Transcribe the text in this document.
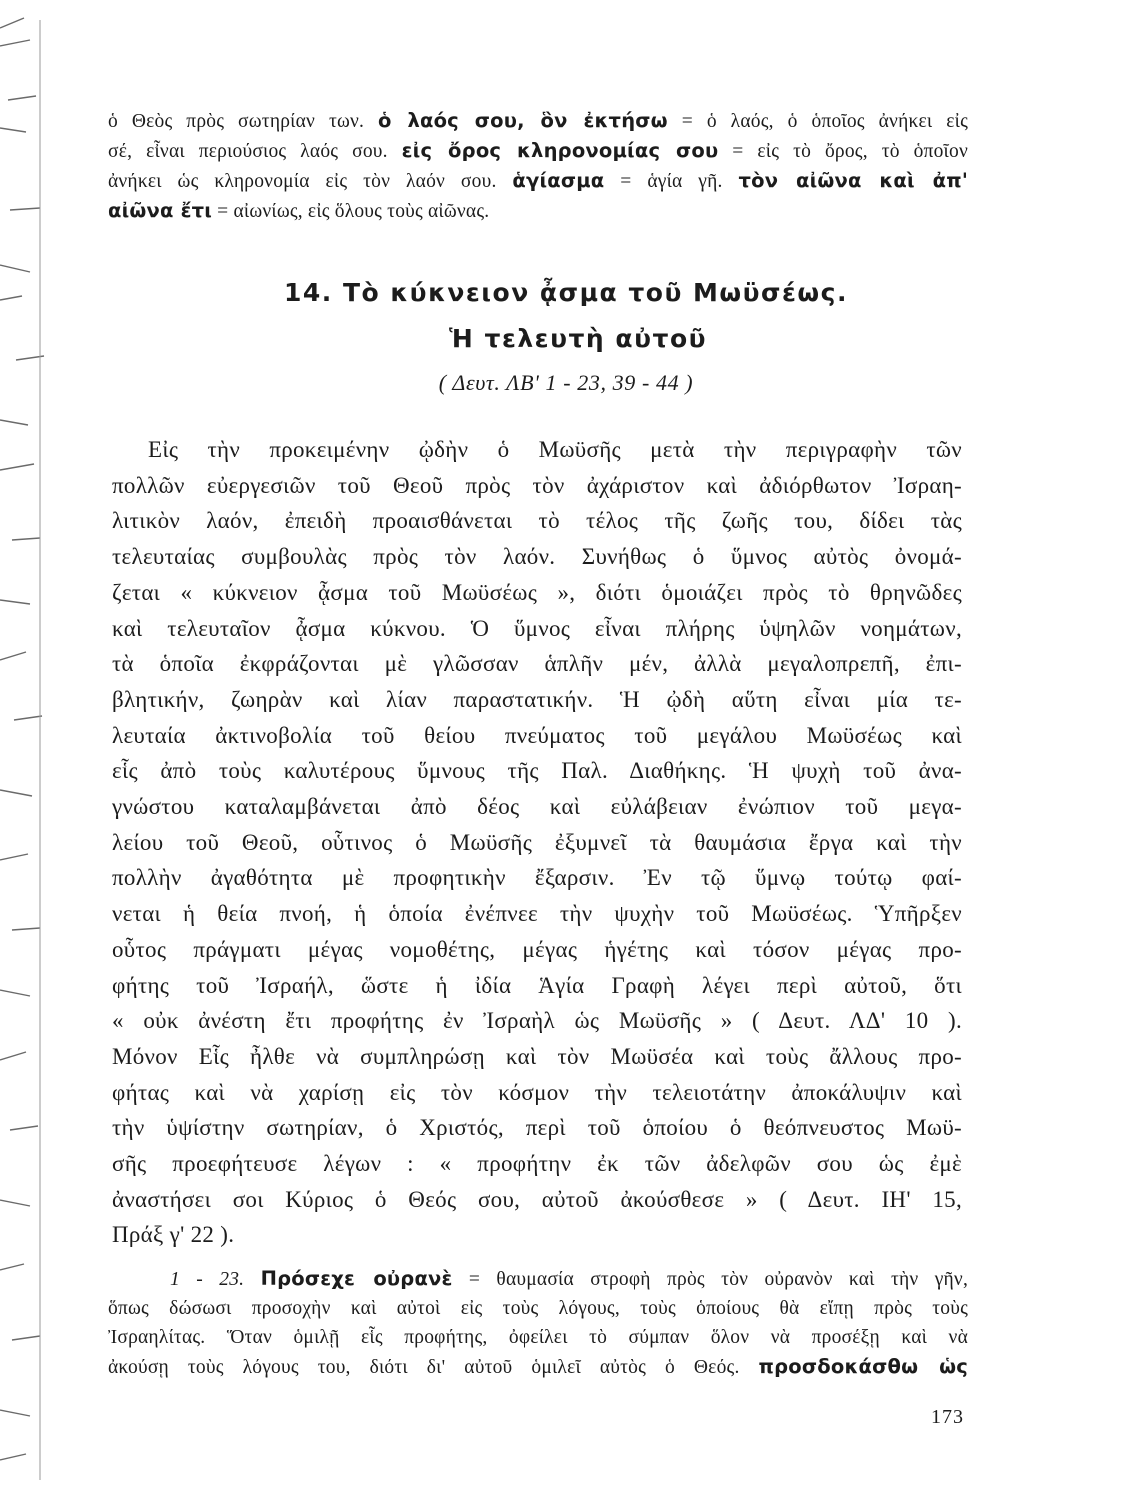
ὁ Θεὸς πρὸς σωτηρίαν των. ὁ λαός σου, ὃν ἐκτήσω = ὁ λαός, ὁ ὁποῖος ἀνήκει εἰς
σέ, εἶναι περιούσιος λαός σου. εἰς ὄρος κληρονομίας σου = εἰς τὸ ὄρος, τὸ ὁποῖον
ἀνήκει ὡς κληρονομία εἰς τὸν λαόν σου. ἁγίασμα = ἁγία γῆ. τὸν αἰῶνα καὶ ἀπ'
αἰῶνα ἔτι = αἰωνίως, εἰς ὅλους τοὺς αἰῶνας.
14. Τὸ κύκνειον ᾆσμα τοῦ Μωϋσέως.
Ἡ τελευτὴ αὐτοῦ
( Δευτ. ΛΒ' 1 - 23, 39 - 44 )
Εἰς τὴν προκειμένην ᾠδὴν ὁ Μωϋσῆς μετὰ τὴν περιγραφὴν τῶν
πολλῶν εὐεργεσιῶν τοῦ Θεοῦ πρὸς τὸν ἀχάριστον καὶ ἀδιόρθωτον Ἰσραη-
λιτικὸν λαόν, ἐπειδὴ προαισθάνεται τὸ τέλος τῆς ζωῆς του, δίδει τὰς
τελευταίας συμβουλὰς πρὸς τὸν λαόν. Συνήθως ὁ ὕμνος αὐτὸς ὀνομά-
ζεται « κύκνειον ᾆσμα τοῦ Μωϋσέως », διότι ὁμοιάζει πρὸς τὸ θρηνῶδες
καὶ τελευταῖον ᾆσμα κύκνου. Ὁ ὕμνος εἶναι πλήρης ὑψηλῶν νοημάτων,
τὰ ὁποῖα ἐκφράζονται μὲ γλῶσσαν ἁπλῆν μέν, ἀλλὰ μεγαλοπρεπῆ, ἐπι-
βλητικήν, ζωηρὰν καὶ λίαν παραστατικήν. Ἡ ᾠδὴ αὕτη εἶναι μία τε-
λευταία ἀκτινοβολία τοῦ θείου πνεύματος τοῦ μεγάλου Μωϋσέως καὶ
εἷς ἀπὸ τοὺς καλυτέρους ὕμνους τῆς Παλ. Διαθήκης. Ἡ ψυχὴ τοῦ ἀνα-
γνώστου καταλαμβάνεται ἀπὸ δέος καὶ εὐλάβειαν ἐνώπιον τοῦ μεγα-
λείου τοῦ Θεοῦ, οὗτινος ὁ Μωϋσῆς ἐξυμνεῖ τὰ θαυμάσια ἔργα καὶ τὴν
πολλὴν ἀγαθότητα μὲ προφητικὴν ἔξαρσιν. Ἐν τῷ ὕμνῳ τούτῳ φαί-
νεται ἡ θεία πνοή, ἡ ὁποία ἐνέπνεε τὴν ψυχὴν τοῦ Μωϋσέως. Ὑπῆρξεν
οὗτος πράγματι μέγας νομοθέτης, μέγας ἡγέτης καὶ τόσον μέγας προ-
φήτης τοῦ Ἰσραήλ, ὥστε ἡ ἰδία Ἁγία Γραφὴ λέγει περὶ αὐτοῦ, ὅτι
« οὐκ ἀνέστη ἔτι προφήτης ἐν Ἰσραὴλ ὡς Μωϋσῆς » ( Δευτ. ΛΔ' 10 ).
Μόνον Εἷς ἦλθε νὰ συμπληρώσῃ καὶ τὸν Μωϋσέα καὶ τοὺς ἄλλους προ-
φήτας καὶ νὰ χαρίσῃ εἰς τὸν κόσμον τὴν τελειοτάτην ἀποκάλυψιν καὶ
τὴν ὑψίστην σωτηρίαν, ὁ Χριστός, περὶ τοῦ ὁποίου ὁ θεόπνευστος Μωϋ-
σῆς προεφήτευσε λέγων : « προφήτην ἐκ τῶν ἀδελφῶν σου ὡς ἐμὲ
ἀναστήσει σοι Κύριος ὁ Θεός σου, αὐτοῦ ἀκούσθεσε » ( Δευτ. ΙΗ' 15,
Πράξ γ' 22 ).
1 - 23. Πρόσεχε οὐρανὲ = θαυμασία στροφὴ πρὸς τὸν οὐρανὸν καὶ τὴν γῆν,
ὅπως δώσωσι προσοχὴν καὶ αὐτοὶ εἰς τοὺς λόγους, τοὺς ὁποίους θὰ εἴπῃ πρὸς τοὺς
Ἰσραηλίτας. Ὅταν ὁμιλῇ εἷς προφήτης, ὀφείλει τὸ σύμπαν ὅλον νὰ προσέξῃ καὶ νὰ
ἀκούσῃ τοὺς λόγους του, διότι δι' αὐτοῦ ὁμιλεῖ αὐτὸς ὁ Θεός. προσδοκάσθω ὡς
173
